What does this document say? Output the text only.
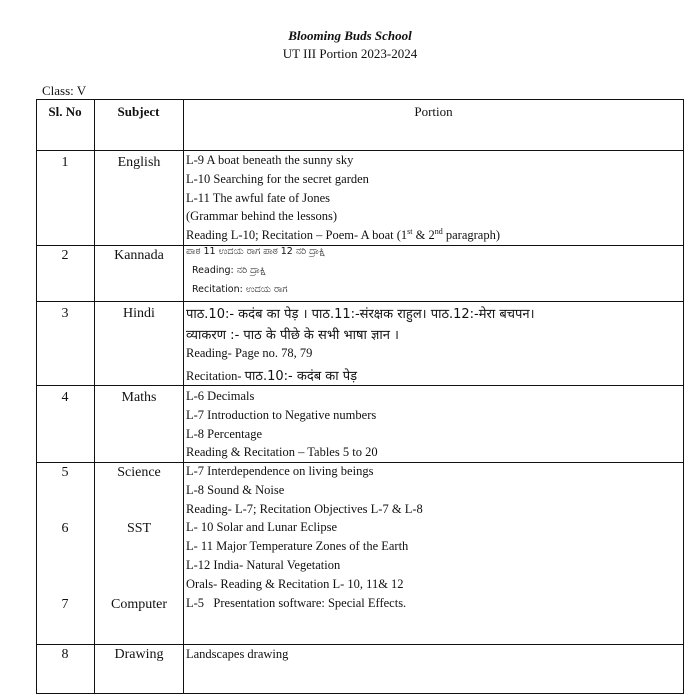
Blooming Buds School
UT III Portion 2023-2024
Class: V
Sl. No	Subject	Portion
1	English	L-9 A boat beneath the sunny sky
L-10 Searching for the secret garden
L-11 The awful fate of Jones
(Grammar behind the lessons)
Reading L-10; Recitation – Poem- A boat (1st & 2nd paragraph)
2	Kannada	ಪಾಠ 11 ಉದಯ ರಾಗ ಪಾಠ 12 ನರಿ ದ್ರಾಕ್ಷಿ
Reading: ನರಿ ದ್ರಾಕ್ಷಿ
Recitation: ಉದಯ ರಾಗ
3	Hindi	पाठ.10:- कदंब का पेड़ । पाठ.11:-संरक्षक राहुल। पाठ.12:-मेरा बचपन।
व्याकरण :- पाठ के पीछे के सभी भाषा ज्ञान ।
Reading- Page no. 78, 79
Recitation- पाठ.10:- कदंब का पेड़
4	Maths	L-6 Decimals
L-7 Introduction to Negative numbers
L-8 Percentage
Reading & Recitation – Tables 5 to 20
5	Science	L-7 Interdependence on living beings
L-8 Sound & Noise
Reading- L-7; Recitation Objectives L-7 & L-8
6	SST	L- 10 Solar and Lunar Eclipse
L- 11 Major Temperature Zones of the Earth
L-12 India- Natural Vegetation
Orals- Reading & Recitation L- 10, 11& 12
7	Computer	L-5   Presentation software: Special Effects.
8	Drawing	Landscapes drawing
